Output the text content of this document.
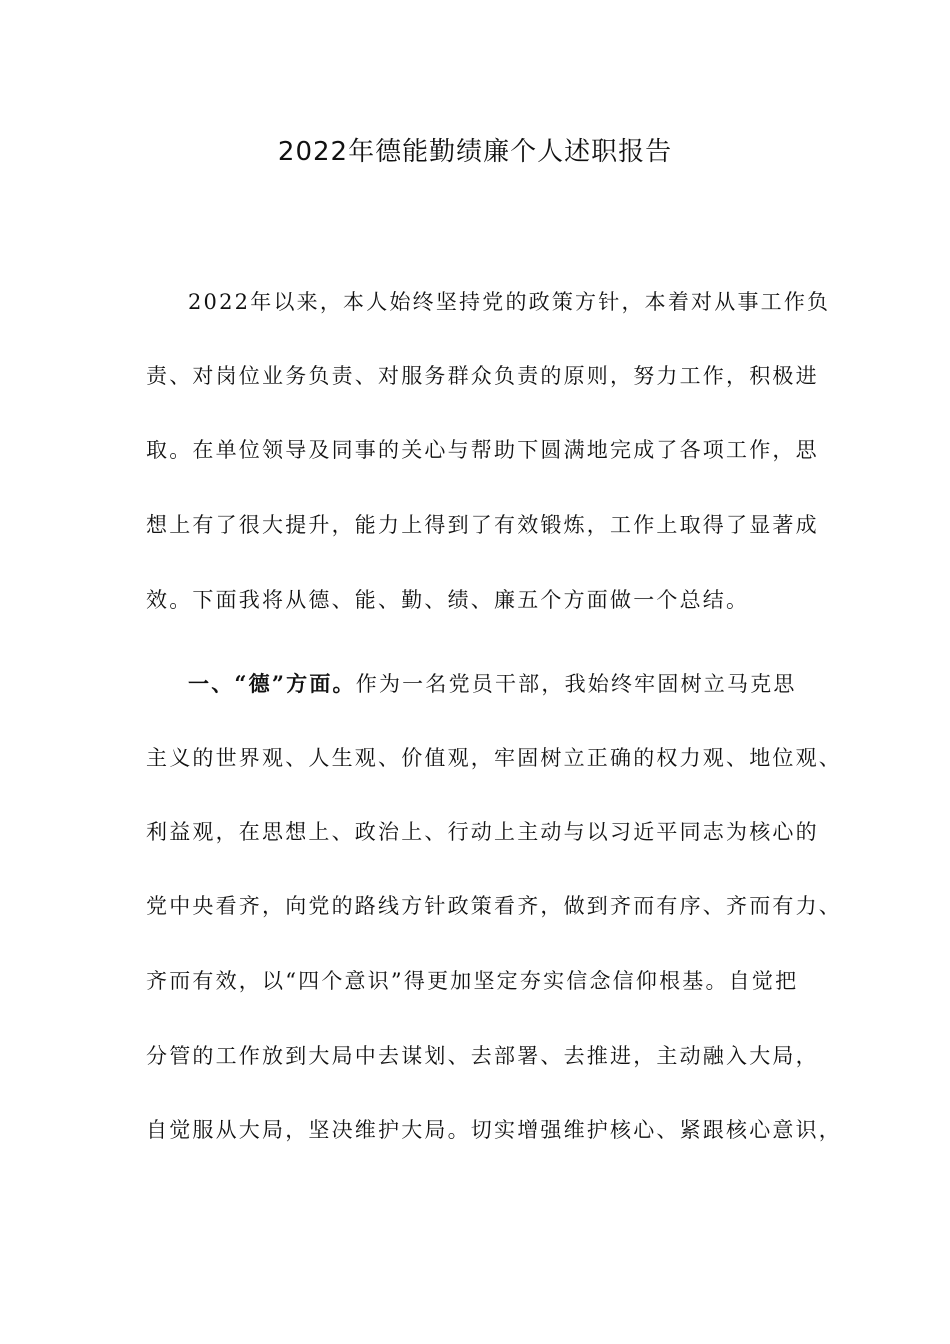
2022年德能勤绩廉个人述职报告
2022年以来，本人始终坚持党的政策方针，本着对从事工作负
责、对岗位业务负责、对服务群众负责的原则，努力工作，积极进
取。在单位领导及同事的关心与帮助下圆满地完成了各项工作，思
想上有了很大提升，能力上得到了有效锻炼，工作上取得了显著成
效。下面我将从德、能、勤、绩、廉五个方面做一个总结。
一、“德”方面。作为一名党员干部，我始终牢固树立马克思
主义的世界观、人生观、价值观，牢固树立正确的权力观、地位观、
利益观，在思想上、政治上、行动上主动与以习近平同志为核心的
党中央看齐，向党的路线方针政策看齐，做到齐而有序、齐而有力、
齐而有效，以“四个意识”得更加坚定夯实信念信仰根基。自觉把
分管的工作放到大局中去谋划、去部署、去推进，主动融入大局，
自觉服从大局，坚决维护大局。切实增强维护核心、紧跟核心意识，
